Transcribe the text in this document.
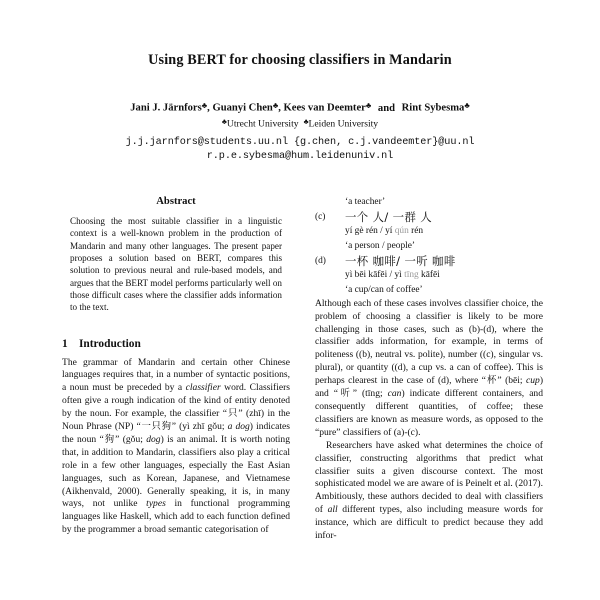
Using BERT for choosing classifiers in Mandarin
Jani J. Järnfors♣, Guanyi Chen♣, Kees van Deemter♣ and Rint Sybesma♣
♣Utrecht University ♣Leiden University
j.j.jarnfors@students.uu.nl {g.chen, c.j.vandeemter}@uu.nl
r.p.e.sybesma@hum.leidenuniv.nl
Abstract
Choosing the most suitable classifier in a linguistic context is a well-known problem in the production of Mandarin and many other languages. The present paper proposes a solution based on BERT, compares this solution to previous neural and rule-based models, and argues that the BERT model performs particularly well on those difficult cases where the classifier adds information to the text.
1 Introduction

The grammar of Mandarin and certain other Chinese languages requires that, in a number of syntactic positions, a noun must be preceded by a classifier word. Classifiers often give a rough indication of the kind of entity denoted by the noun. For example, the classifier “只” (zhī) in the Noun Phrase (NP) “一只狗” (yì zhī gǒu; a dog) indicates the noun “狗” (gǒu; dog) is an animal. It is worth noting that, in addition to Mandarin, classifiers also play a critical role in a few other languages, especially the East Asian languages, such as Korean, Japanese, and Vietnamese (Aikhenvald, 2000). Generally speaking, it is, in many ways, not unlike types in functional programming languages like Haskell, which add to each function defined by the programmer a broad semantic categorisation of

‘a teacher’
(c)	一个 人/ 一群 人
yí gè rén / yí qún rén
‘a person / people’
(d)	一杯 咖啡/ 一听 咖啡
yì bēi kāfēi / yì tīng kāfēi
‘a cup/can of coffee’

Although each of these cases involves classifier choice, the problem of choosing a classifier is likely to be more challenging in those cases, such as (b)-(d), where the classifier adds information, for example, in terms of politeness ((b), neutral vs. polite), number ((c), singular vs. plural), or quantity ((d), a cup vs. a can of coffee). This is perhaps clearest in the case of (d), where “杯” (bēi; cup) and “听” (tīng; can) indicate different containers, and consequently different quantities, of coffee; these classifiers are known as measure words, as opposed to the “pure” classifiers of (a)-(c).

Researchers have asked what determines the choice of classifier, constructing algorithms that predict what classifier suits a given discourse context. The most sophisticated model we are aware of is Peinelt et al. (2017). Ambitiously, these authors decided to deal with classifiers of all different types, also including measure words for instance, which are difficult to predict because they add infor-
